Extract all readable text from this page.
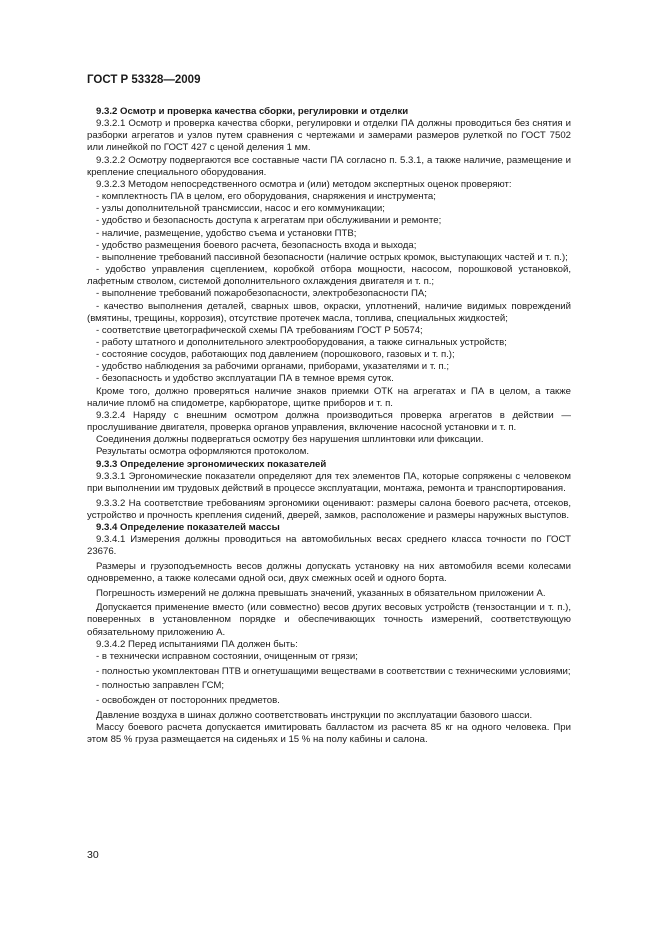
ГОСТ Р 53328—2009

9.3.2 Осмотр и проверка качества сборки, регулировки и отделки

9.3.2.1 Осмотр и проверка качества сборки, регулировки и отделки ПА должны проводиться без снятия и разборки агрегатов и узлов путем сравнения с чертежами и замерами размеров рулеткой по ГОСТ 7502 или линейкой по ГОСТ 427 с ценой деления 1 мм.

9.3.2.2 Осмотру подвергаются все составные части ПА согласно п. 5.3.1, а также наличие, размещение и крепление специального оборудования.

9.3.2.3 Методом непосредственного осмотра и (или) методом экспертных оценок проверяют:

- комплектность ПА в целом, его оборудования, снаряжения и инструмента;

- узлы дополнительной трансмиссии, насос и его коммуникации;

- удобство и безопасность доступа к агрегатам при обслуживании и ремонте;

- наличие, размещение, удобство съема и установки ПТВ;

- удобство размещения боевого расчета, безопасность входа и выхода;

- выполнение требований пассивной безопасности (наличие острых кромок, выступающих частей и т. п.);

- удобство управления сцеплением, коробкой отбора мощности, насосом, порошковой установкой, лафетным стволом, системой дополнительного охлаждения двигателя и т. п.;

- выполнение требований пожаробезопасности, электробезопасности ПА;

- качество выполнения деталей, сварных швов, окраски, уплотнений, наличие видимых повреждений (вмятины, трещины, коррозия), отсутствие протечек масла, топлива, специальных жидкостей;

- соответствие цветографической схемы ПА требованиям ГОСТ Р 50574;

- работу штатного и дополнительного электрооборудования, а также сигнальных устройств;

- состояние сосудов, работающих под давлением (порошкового, газовых и т. п.);

- удобство наблюдения за рабочими органами, приборами, указателями и т. п.;

- безопасность и удобство эксплуатации ПА в темное время суток.

Кроме того, должно проверяться наличие знаков приемки ОТК на агрегатах и ПА в целом, а также наличие пломб на спидометре, карбюраторе, щитке приборов и т. п.

9.3.2.4 Наряду с внешним осмотром должна производиться проверка агрегатов в действии — прослушивание двигателя, проверка органов управления, включение насосной установки и т. п.

Соединения должны подвергаться осмотру без нарушения шплинтовки или фиксации.

Результаты осмотра оформляются протоколом.

9.3.3 Определение эргономических показателей

9.3.3.1 Эргономические показатели определяют для тех элементов ПА, которые сопряжены с человеком при выполнении им трудовых действий в процессе эксплуатации, монтажа, ремонта и транспортирования.

9.3.3.2 На соответствие требованиям эргономики оценивают: размеры салона боевого расчета, отсеков, устройство и прочность крепления сидений, дверей, замков, расположение и размеры наружных выступов.

9.3.4 Определение показателей массы

9.3.4.1 Измерения должны проводиться на автомобильных весах среднего класса точности по ГОСТ 23676.

Размеры и грузоподъемность весов должны допускать установку на них автомобиля всеми колесами одновременно, а также колесами одной оси, двух смежных осей и одного борта.

Погрешность измерений не должна превышать значений, указанных в обязательном приложении А.

Допускается применение вместо (или совместно) весов других весовых устройств (тензостанции и т. п.), поверенных в установленном порядке и обеспечивающих точность измерений, соответствующую обязательному приложению А.

9.3.4.2 Перед испытаниями ПА должен быть:

- в технически исправном состоянии, очищенным от грязи;

- полностью укомплектован ПТВ и огнетушащими веществами в соответствии с техническими условиями;

- полностью заправлен ГСМ;

- освобожден от посторонних предметов.

Давление воздуха в шинах должно соответствовать инструкции по эксплуатации базового шасси.

Массу боевого расчета допускается имитировать балластом из расчета 85 кг на одного человека. При этом 85 % груза размещается на сиденьях и 15 % на полу кабины и салона.

30
